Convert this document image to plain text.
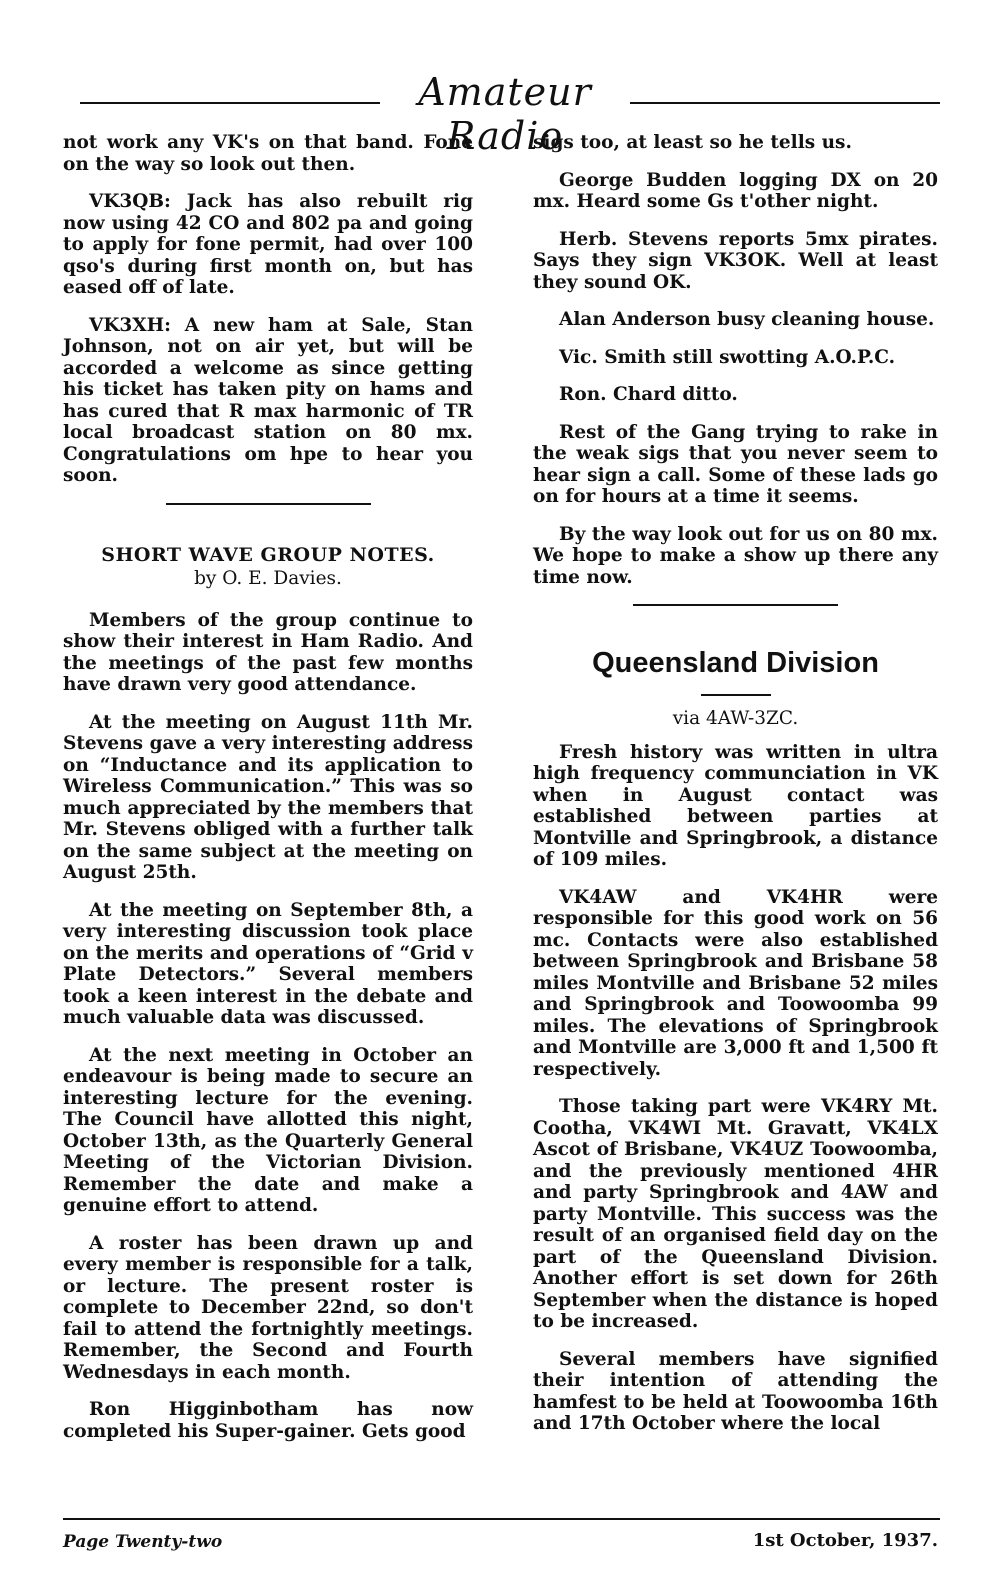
Amateur Radio

not work any VK's on that band. Fone on the way so look out then.

VK3QB: Jack has also rebuilt rig now using 42 CO and 802 pa and going to apply for fone permit, had over 100 qso's during first month on, but has eased off of late.

VK3XH: A new ham at Sale, Stan Johnson, not on air yet, but will be accorded a welcome as since getting his ticket has taken pity on hams and has cured that R max harmonic of TR local broadcast station on 80 mx. Congratulations om hpe to hear you soon.

SHORT WAVE GROUP NOTES.
by O. E. Davies.

Members of the group continue to show their interest in Ham Radio. And the meetings of the past few months have drawn very good attendance.

At the meeting on August 11th Mr. Stevens gave a very interesting address on “Inductance and its application to Wireless Communication.” This was so much appreciated by the members that Mr. Stevens obliged with a further talk on the same subject at the meeting on August 25th.

At the meeting on September 8th, a very interesting discussion took place on the merits and operations of “Grid v Plate Detectors.” Several members took a keen interest in the debate and much valuable data was discussed.

At the next meeting in October an endeavour is being made to secure an interesting lecture for the evening. The Council have allotted this night, October 13th, as the Quarterly General Meeting of the Victorian Division. Remember the date and make a genuine effort to attend.

A roster has been drawn up and every member is responsible for a talk, or lecture. The present roster is complete to December 22nd, so don't fail to attend the fortnightly meetings. Remember, the Second and Fourth Wednesdays in each month.

Ron Higginbotham has now completed his Super-gainer. Gets good

sigs too, at least so he tells us.

George Budden logging DX on 20 mx. Heard some Gs t'other night.

Herb. Stevens reports 5mx pirates. Says they sign VK3OK. Well at least they sound OK.

Alan Anderson busy cleaning house.

Vic. Smith still swotting A.O.P.C.

Ron. Chard ditto.

Rest of the Gang trying to rake in the weak sigs that you never seem to hear sign a call. Some of these lads go on for hours at a time it seems.

By the way look out for us on 80 mx. We hope to make a show up there any time now.

Queensland Division
via 4AW-3ZC.

Fresh history was written in ultra high frequency communciation in VK when in August contact was established between parties at Montville and Springbrook, a distance of 109 miles.

VK4AW and VK4HR were responsible for this good work on 56 mc. Contacts were also established between Springbrook and Brisbane 58 miles Montville and Brisbane 52 miles and Springbrook and Toowoomba 99 miles. The elevations of Springbrook and Montville are 3,000 ft and 1,500 ft respectively.

Those taking part were VK4RY Mt. Cootha, VK4WI Mt. Gravatt, VK4LX Ascot of Brisbane, VK4UZ Toowoomba, and the previously mentioned 4HR and party Springbrook and 4AW and party Montville. This success was the result of an organised field day on the part of the Queensland Division. Another effort is set down for 26th September when the distance is hoped to be increased.

Several members have signified their intention of attending the hamfest to be held at Toowoomba 16th and 17th October where the local

Page Twenty-two	1st October, 1937.
